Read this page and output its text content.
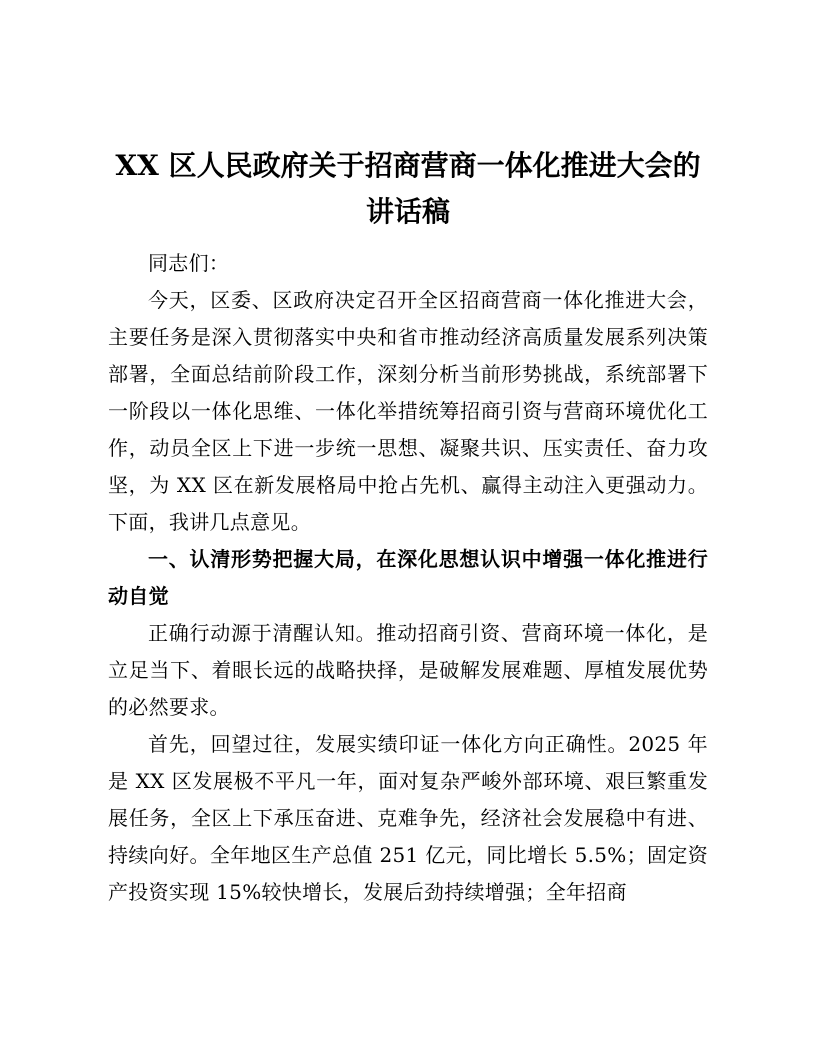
XX 区人民政府关于招商营商一体化推进大会的
讲话稿

同志们：

今天，区委、区政府决定召开全区招商营商一体化推进大会，主要任务是深入贯彻落实中央和省市推动经济高质量发展系列决策部署，全面总结前阶段工作，深刻分析当前形势挑战，系统部署下一阶段以一体化思维、一体化举措统筹招商引资与营商环境优化工作，动员全区上下进一步统一思想、凝聚共识、压实责任、奋力攻坚，为 XX 区在新发展格局中抢占先机、赢得主动注入更强动力。下面，我讲几点意见。

一、认清形势把握大局，在深化思想认识中增强一体化推进行动自觉

正确行动源于清醒认知。推动招商引资、营商环境一体化，是立足当下、着眼长远的战略抉择，是破解发展难题、厚植发展优势的必然要求。

首先，回望过往，发展实绩印证一体化方向正确性。2025 年是 XX 区发展极不平凡一年，面对复杂严峻外部环境、艰巨繁重发展任务，全区上下承压奋进、克难争先，经济社会发展稳中有进、持续向好。全年地区生产总值 251 亿元，同比增长 5.5%；固定资产投资实现 15%较快增长，发展后劲持续增强；全年招商
